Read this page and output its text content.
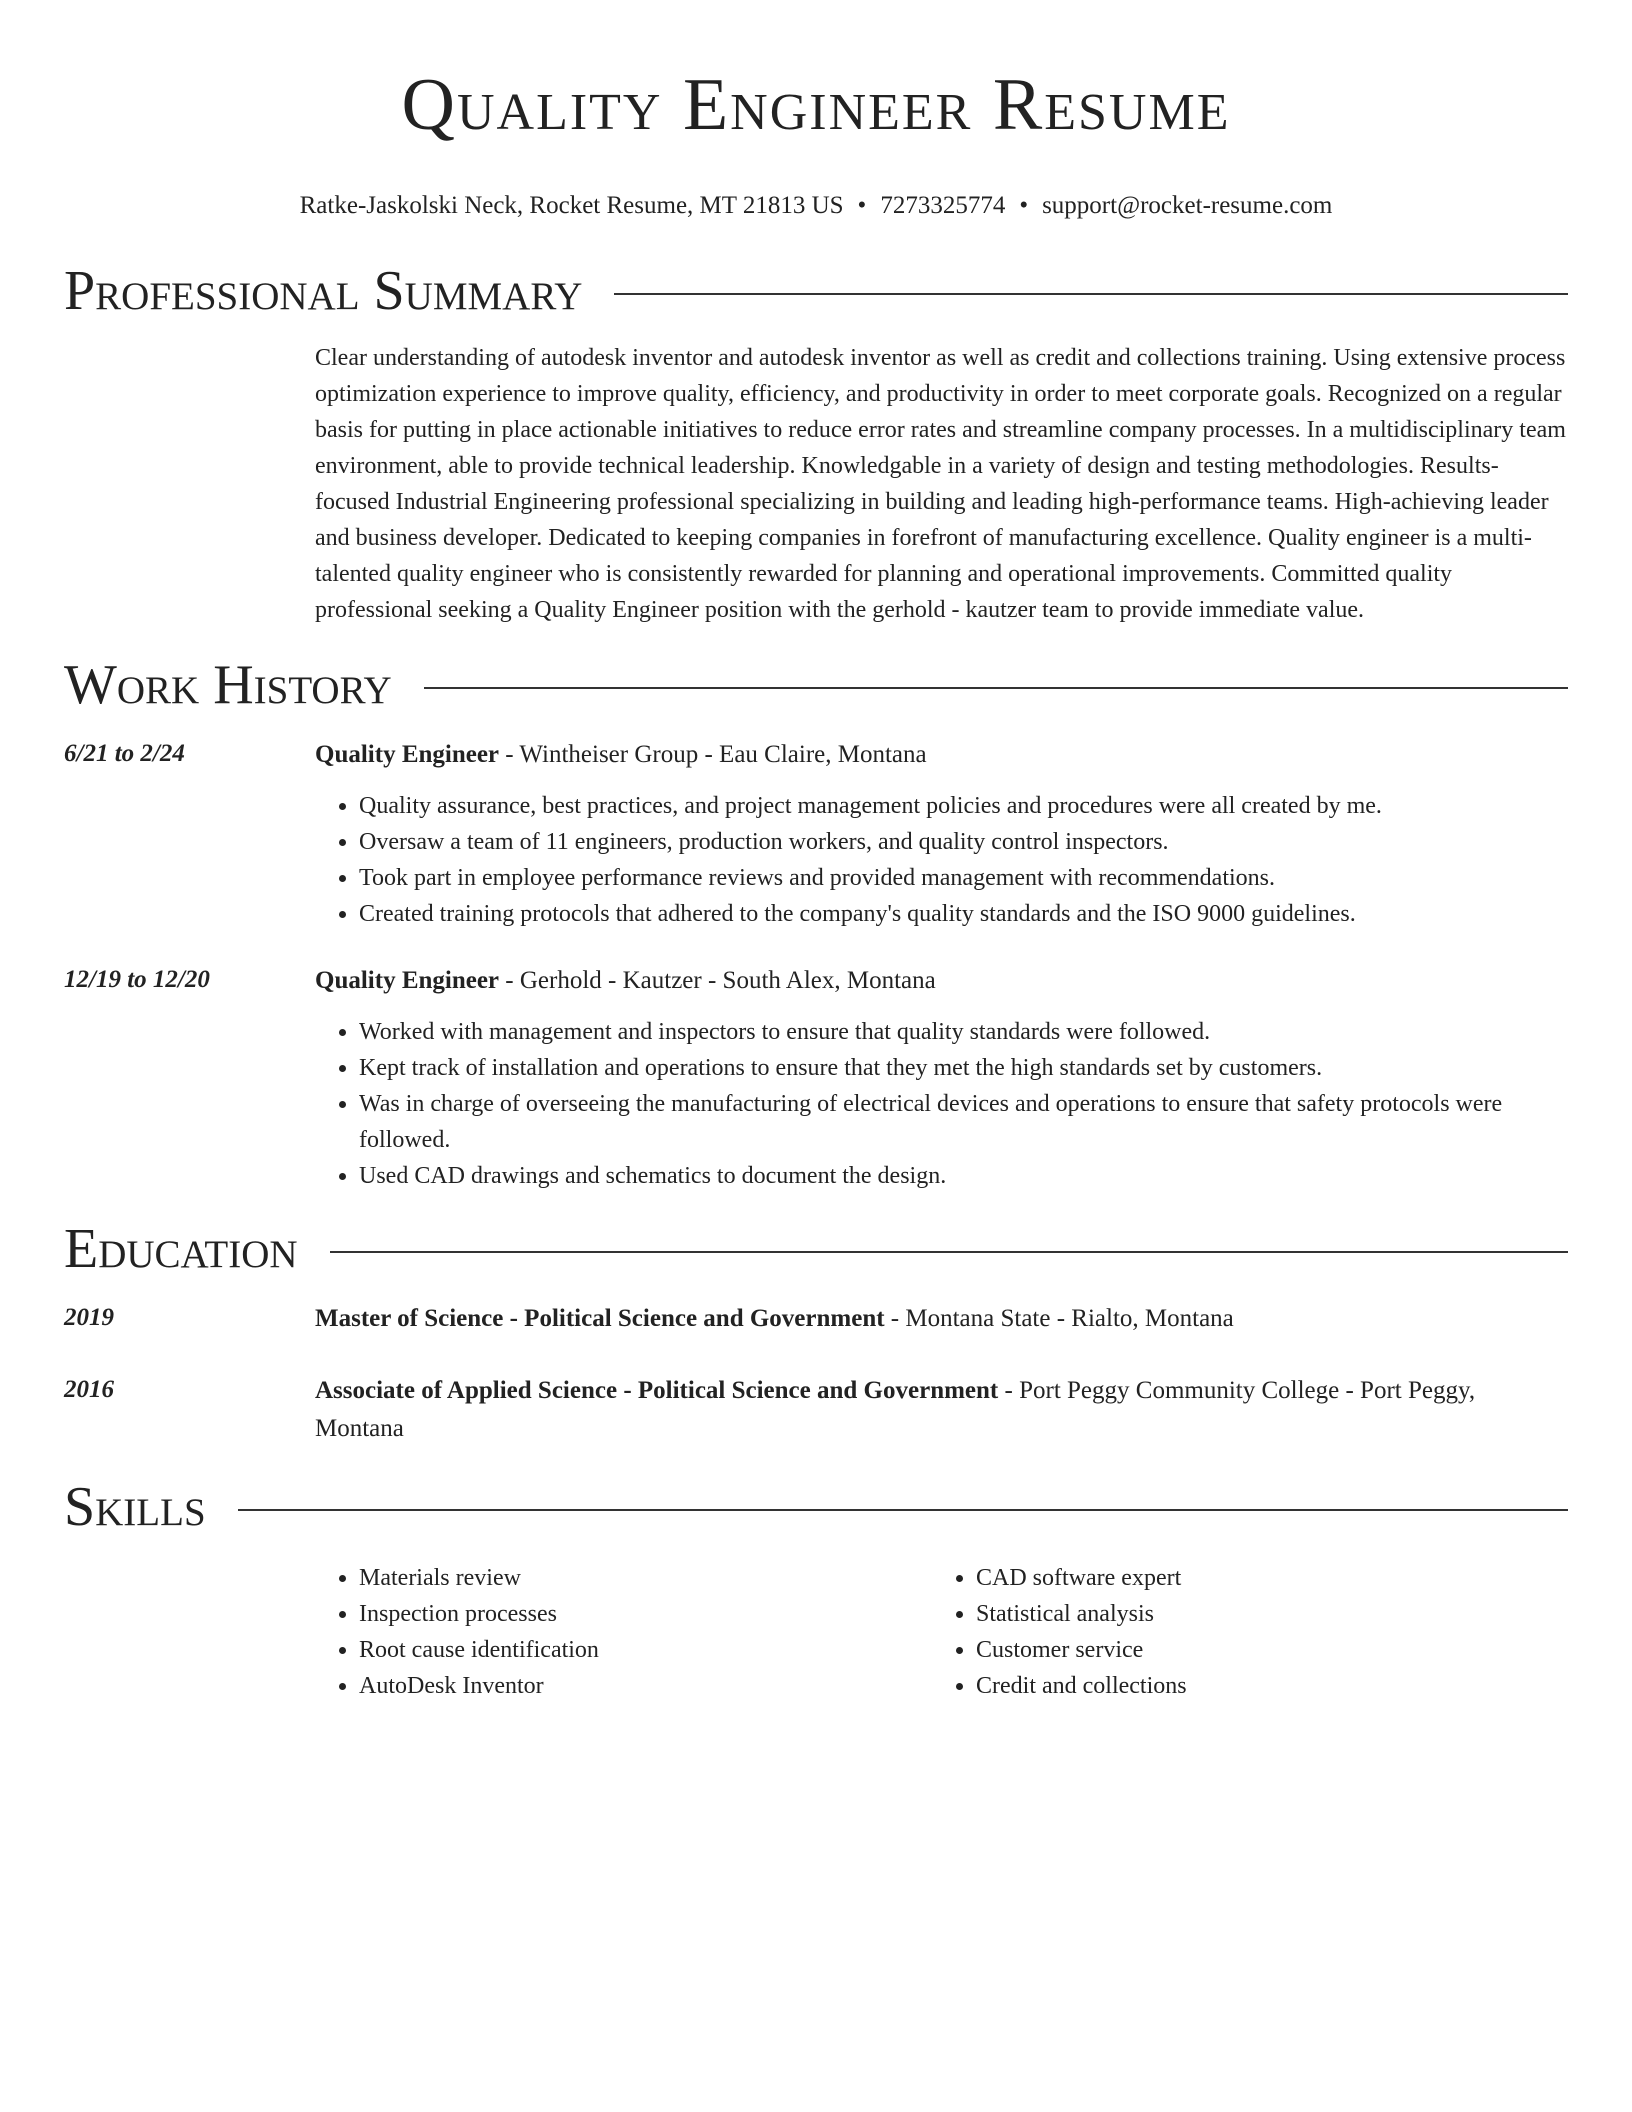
Quality Engineer Resume
Ratke-Jaskolski Neck, Rocket Resume, MT 21813 US • 7273325774 • support@rocket-resume.com
Professional Summary
Clear understanding of autodesk inventor and autodesk inventor as well as credit and collections training. Using extensive process optimization experience to improve quality, efficiency, and productivity in order to meet corporate goals. Recognized on a regular basis for putting in place actionable initiatives to reduce error rates and streamline company processes. In a multidisciplinary team environment, able to provide technical leadership. Knowledgable in a variety of design and testing methodologies. Results-focused Industrial Engineering professional specializing in building and leading high-performance teams. High-achieving leader and business developer. Dedicated to keeping companies in forefront of manufacturing excellence. Quality engineer is a multi-talented quality engineer who is consistently rewarded for planning and operational improvements. Committed quality professional seeking a Quality Engineer position with the gerhold - kautzer team to provide immediate value.
Work History
6/21 to 2/24	Quality Engineer - Wintheiser Group - Eau Claire, Montana
• Quality assurance, best practices, and project management policies and procedures were all created by me.
• Oversaw a team of 11 engineers, production workers, and quality control inspectors.
• Took part in employee performance reviews and provided management with recommendations.
• Created training protocols that adhered to the company's quality standards and the ISO 9000 guidelines.
12/19 to 12/20	Quality Engineer - Gerhold - Kautzer - South Alex, Montana
• Worked with management and inspectors to ensure that quality standards were followed.
• Kept track of installation and operations to ensure that they met the high standards set by customers.
• Was in charge of overseeing the manufacturing of electrical devices and operations to ensure that safety protocols were followed.
• Used CAD drawings and schematics to document the design.
Education
2019	Master of Science - Political Science and Government - Montana State - Rialto, Montana
2016	Associate of Applied Science - Political Science and Government - Port Peggy Community College - Port Peggy, Montana
Skills
• Materials review
• Inspection processes
• Root cause identification
• AutoDesk Inventor
• CAD software expert
• Statistical analysis
• Customer service
• Credit and collections
